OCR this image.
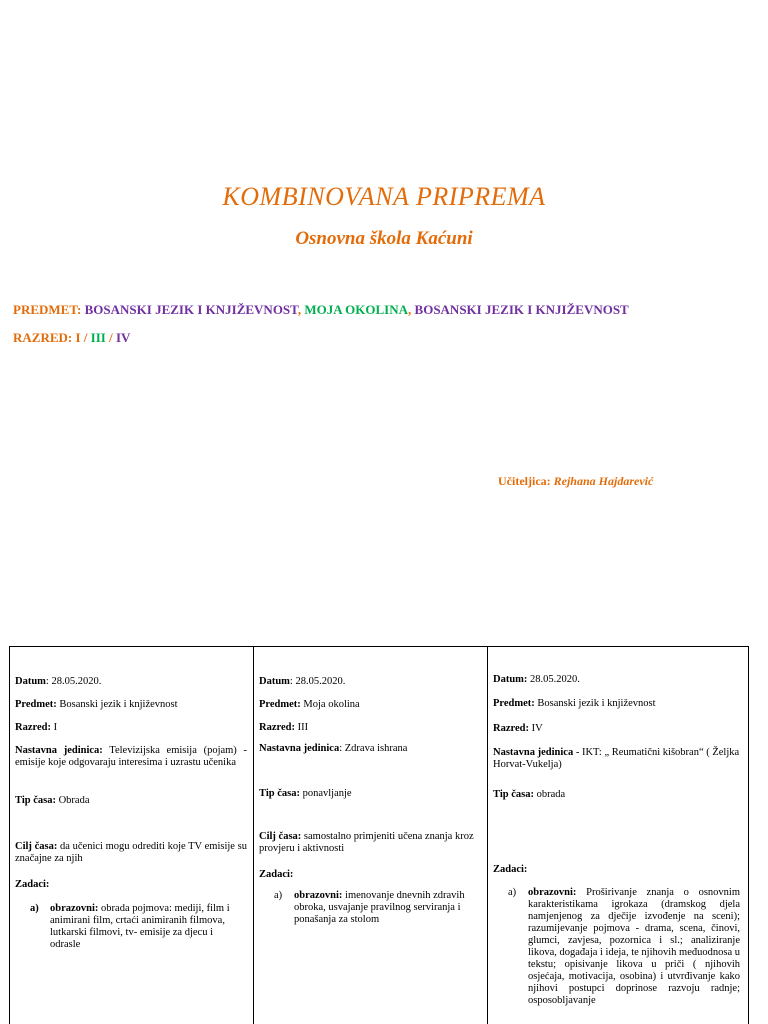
KOMBINOVANA PRIPREMA
Osnovna škola Kaćuni
PREDMET: BOSANSKI JEZIK I KNJIŽEVNOST, MOJA OKOLINA, BOSANSKI JEZIK I KNJIŽEVNOST
RAZRED: I / III / IV
Učiteljica: Rejhana Hajdarević
Datum: 28.05.2020.
Predmet: Bosanski jezik i književnost
Razred: I
Nastavna jedinica: Televizijska emisija (pojam) - emisije koje odgovaraju interesima i uzrastu učenika
Tip časa: Obrada
Cilj časa: da učenici mogu odrediti koje TV emisije su značajne za njih
Zadaci:
a) obrazovni: obrada pojmova: mediji, film i animirani film, crtaći animiranih filmova, lutkarski filmovi, tv- emisije za djecu i odrasle
Datum: 28.05.2020.
Predmet: Moja okolina
Razred: III
Nastavna jedinica: Zdrava ishrana
Tip časa: ponavljanje
Cilj časa: samostalno primjeniti učena znanja kroz provjeru i aktivnosti
Zadaci:
a) obrazovni: imenovanje dnevnih zdravih obroka, usvajanje pravilnog serviranja i ponašanja za stolom
Datum: 28.05.2020.
Predmet: Bosanski jezik i književnost
Razred: IV
Nastavna jedinica - IKT: „ Reumatični kišobran“ ( Željka Horvat-Vukelja)
Tip časa: obrada
Zadaci:
a) obrazovni: Proširivanje znanja o osnovnim karakteristikama igrokaza (dramskog djela namjenjenog za dječije izvođenje na sceni); razumijevanje pojmova - drama, scena, činovi, glumci, zavjesa, pozornica i sl.; analiziranje likova, događaja i ideja, te njihovih međuodnosa u tekstu; opisivanje likova u priči ( njihovih osjećaja, motivacija, osobina) i utvrđivanje kako njihovi postupci doprinose razvoju radnje; osposobljavanje
